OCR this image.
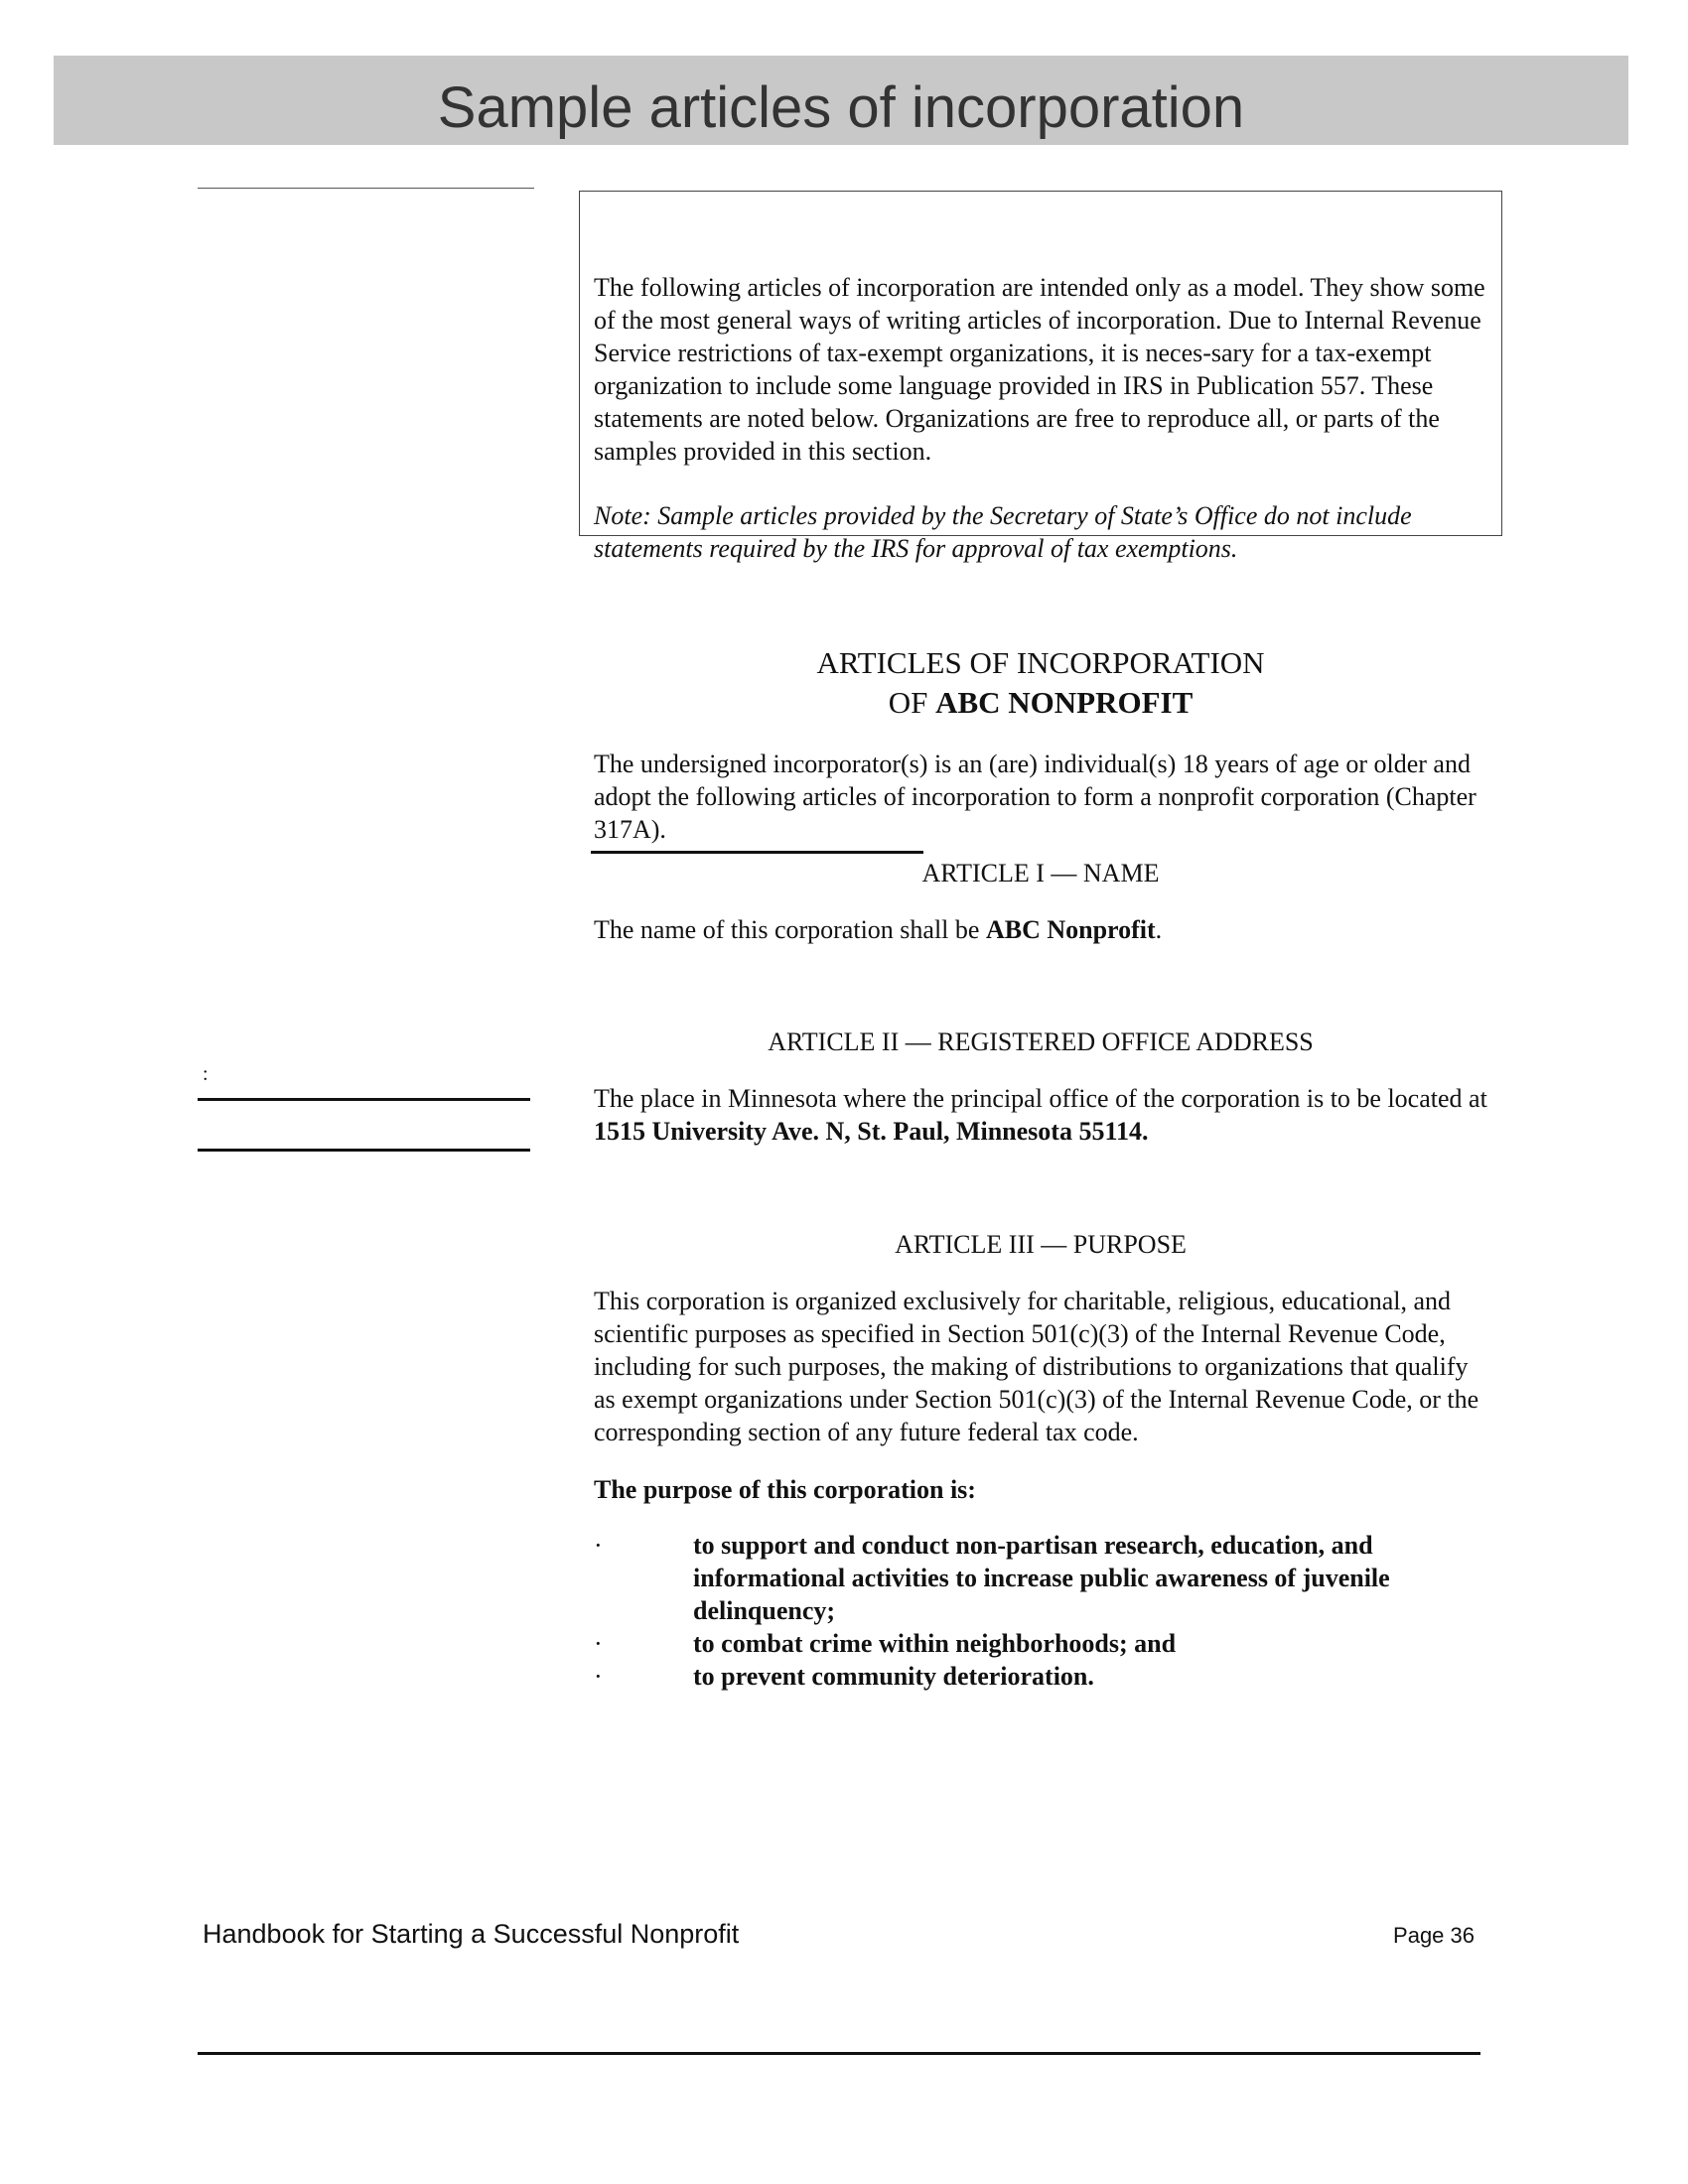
Sample articles of incorporation
The following articles of incorporation are intended only as a model. They show some of the most general ways of writing articles of incorporation. Due to Internal Revenue Service restrictions of tax-exempt organizations, it is neces-sary for a tax-exempt organization to include some language provided in IRS in Publication 557. These statements are noted below. Organizations are free to reproduce all, or parts of the samples provided in this section.
Note: Sample articles provided by the Secretary of State’s Office do not include statements required by the IRS for approval of tax exemptions.
ARTICLES OF INCORPORATION
OF ABC NONPROFIT
The undersigned incorporator(s) is an (are) individual(s) 18 years of age or older and adopt the following articles of incorporation to form a nonprofit corporation (Chapter 317A).
ARTICLE I — NAME
The name of this corporation shall be ABC Nonprofit.
ARTICLE II — REGISTERED OFFICE ADDRESS
:
The place in Minnesota where the principal office of the corporation is to be located at 1515 University Ave. N, St. Paul, Minnesota 55114.
ARTICLE III — PURPOSE
This corporation is organized exclusively for charitable, religious, educational, and scientific purposes as specified in Section 501(c)(3) of the Internal Revenue Code, including for such purposes, the making of distributions to organizations that qualify as exempt organizations under Section 501(c)(3) of the Internal Revenue Code, or the corresponding section of any future federal tax code.
The purpose of this corporation is:
·	to support and conduct non-partisan research, education, and informational activities to increase public awareness of juvenile delinquency;
·	to combat crime within neighborhoods; and
·	to prevent community deterioration.
Handbook for Starting a Successful Nonprofit	Page 36
